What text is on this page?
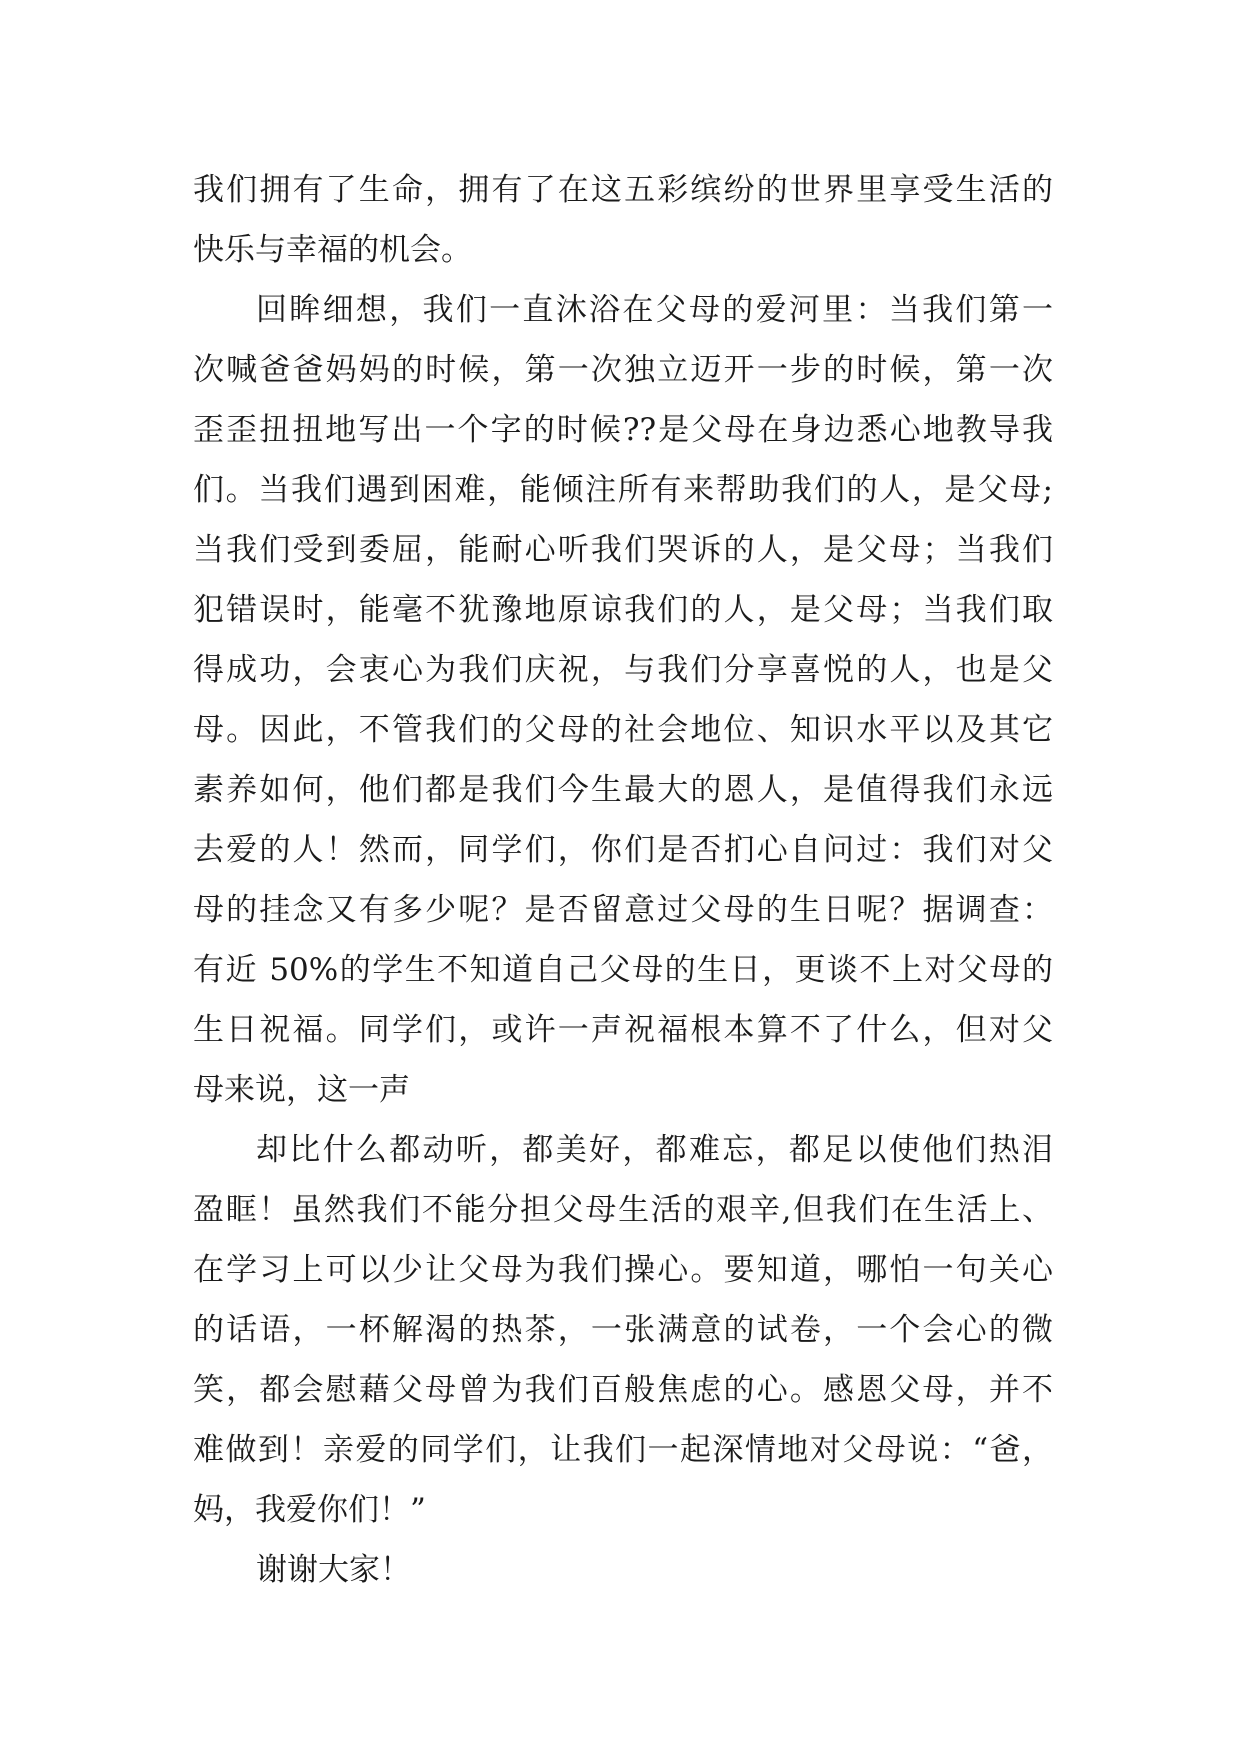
我们拥有了生命，拥有了在这五彩缤纷的世界里享受生活的
快乐与幸福的机会。
回眸细想，我们一直沐浴在父母的爱河里：当我们第一
次喊爸爸妈妈的时候，第一次独立迈开一步的时候，第一次
歪歪扭扭地写出一个字的时候??是父母在身边悉心地教导我
们。当我们遇到困难，能倾注所有来帮助我们的人，是父母;
当我们受到委屈，能耐心听我们哭诉的人，是父母；当我们
犯错误时，能毫不犹豫地原谅我们的人，是父母；当我们取
得成功，会衷心为我们庆祝，与我们分享喜悦的人，也是父
母。因此，不管我们的父母的社会地位、知识水平以及其它
素养如何，他们都是我们今生最大的恩人，是值得我们永远
去爱的人！然而，同学们，你们是否扪心自问过：我们对父
母的挂念又有多少呢？是否留意过父母的生日呢？据调查：
有近 50%的学生不知道自己父母的生日，更谈不上对父母的
生日祝福。同学们，或许一声祝福根本算不了什么，但对父
母来说，这一声
却比什么都动听，都美好，都难忘，都足以使他们热泪
盈眶！虽然我们不能分担父母生活的艰辛,但我们在生活上、
在学习上可以少让父母为我们操心。要知道，哪怕一句关心
的话语，一杯解渴的热茶，一张满意的试卷，一个会心的微
笑，都会慰藉父母曾为我们百般焦虑的心。感恩父母，并不
难做到！亲爱的同学们，让我们一起深情地对父母说：“爸，
妈，我爱你们！”
谢谢大家！
